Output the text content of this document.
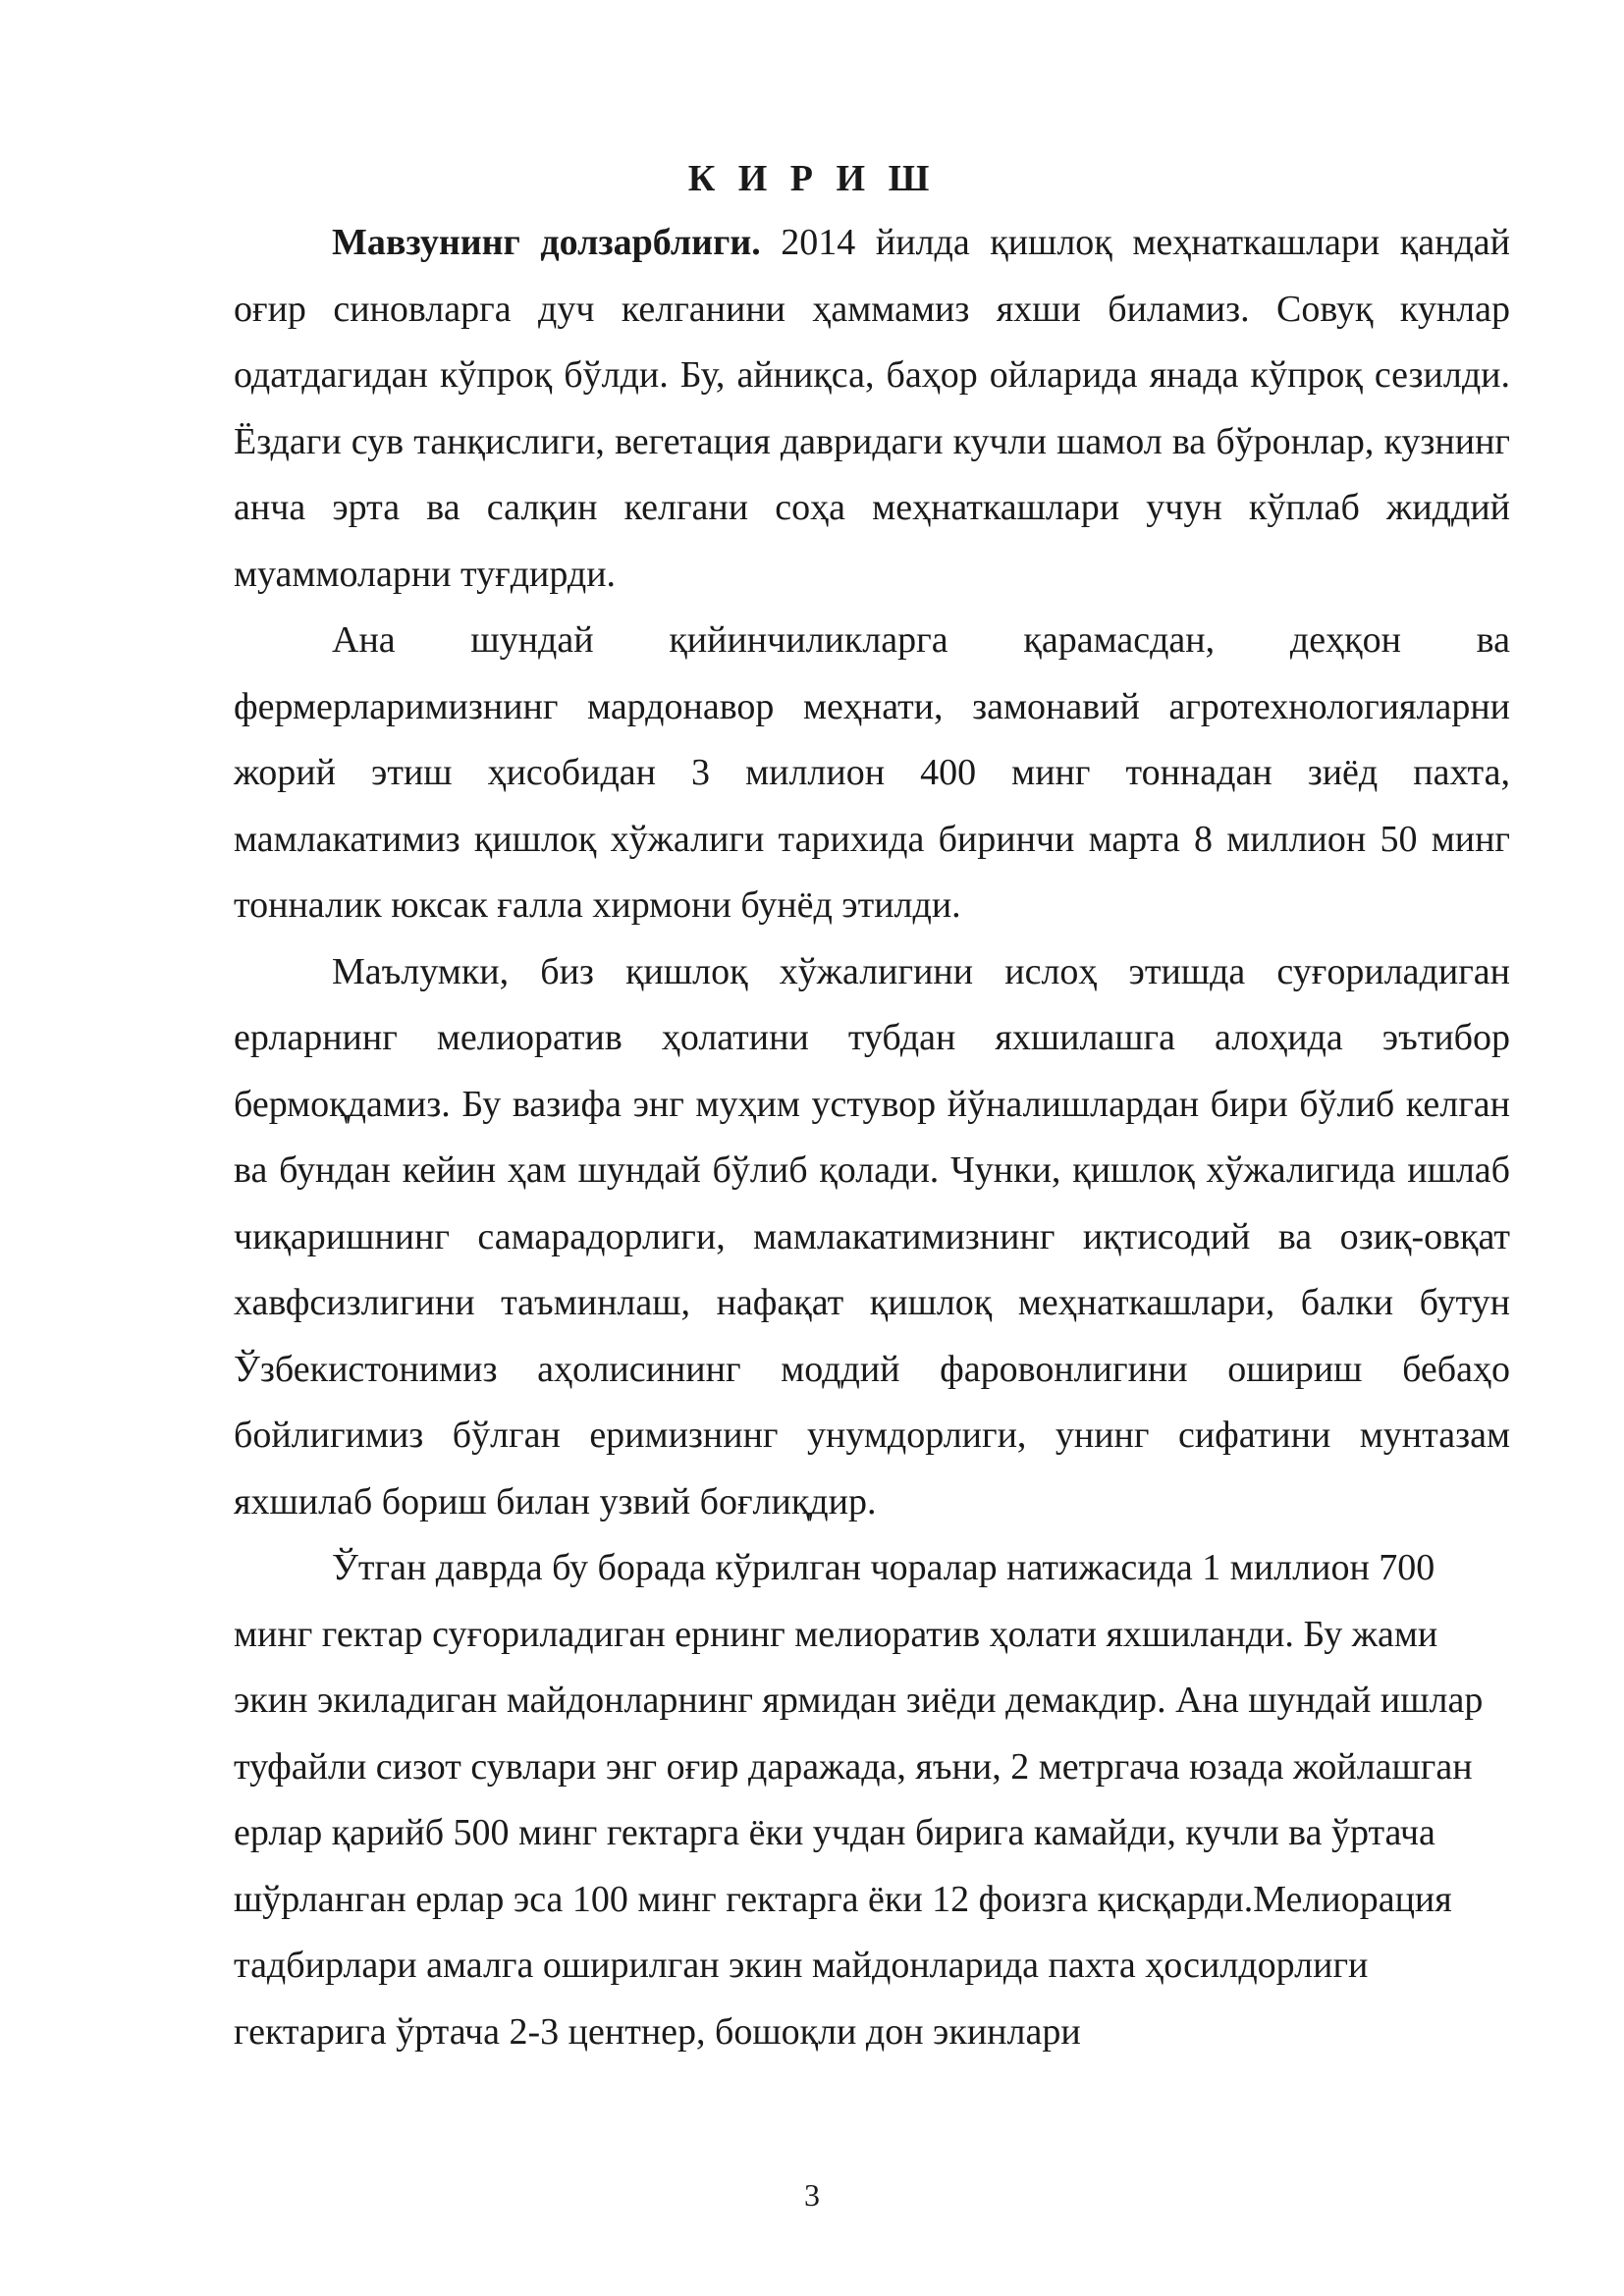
К И Р И Ш

Мавзунинг долзарблиги. 2014 йилда қишлоқ меҳнаткашлари қандай оғир синовларга дуч келганини ҳаммамиз яхши биламиз. Совуқ кунлар одатдагидан кўпроқ бўлди. Бу, айниқса, баҳор ойларида янада кўпроқ сезилди. Ёздаги сув танқислиги, вегетация давридаги кучли шамол ва бўронлар, кузнинг анча эрта ва салқин келгани соҳа меҳнаткашлари учун кўплаб жиддий муаммоларни туғдирди.

Ана шундай қийинчиликларга қарамасдан, деҳқон ва фермерларимизнинг мардонавор меҳнати, замонавий агротехнологияларни жорий этиш ҳисобидан 3 миллион 400 минг тоннадан зиёд пахта, мамлакатимиз қишлоқ хўжалиги тарихида биринчи марта 8 миллион 50 минг тонналик юксак ғалла хирмони бунёд этилди.

Маълумки, биз қишлоқ хўжалигини ислоҳ этишда суғориладиган ерларнинг мелиоратив ҳолатини тубдан яхшилашга алоҳида эътибор бермоқдамиз. Бу вазифа энг муҳим устувор йўналишлардан бири бўлиб келган ва бундан кейин ҳам шундай бўлиб қолади. Чунки, қишлоқ хўжалигида ишлаб чиқаришнинг самарадорлиги, мамлакатимизнинг иқтисодий ва озиқ-овқат хавфсизлигини таъминлаш, нафақат қишлоқ меҳнаткашлари, балки бутун Ўзбекистонимиз аҳолисининг моддий фаровонлигини ошириш бебаҳо бойлигимиз бўлган еримизнинг унумдорлиги, унинг сифатини мунтазам яхшилаб бориш билан узвий боғлиқдир.

Ўтган даврда бу борада кўрилган чоралар натижасида 1 миллион 700 минг гектар суғориладиган ернинг мелиоратив ҳолати яхшиланди. Бу жами экин экиладиган майдонларнинг ярмидан зиёди демакдир. Ана шундай ишлар туфайли сизот сувлари энг оғир даражада, яъни, 2 метргача юзада жойлашган ерлар қарийб 500 минг гектарга ёки учдан бирига камайди, кучли ва ўртача шўрланган ерлар эса 100 минг гектарга ёки 12 фоизга қисқарди.Мелиорация тадбирлари амалга оширилган экин майдонларида пахта ҳосилдорлиги гектарига ўртача 2-3 центнер, бошоқли дон экинлари

3
